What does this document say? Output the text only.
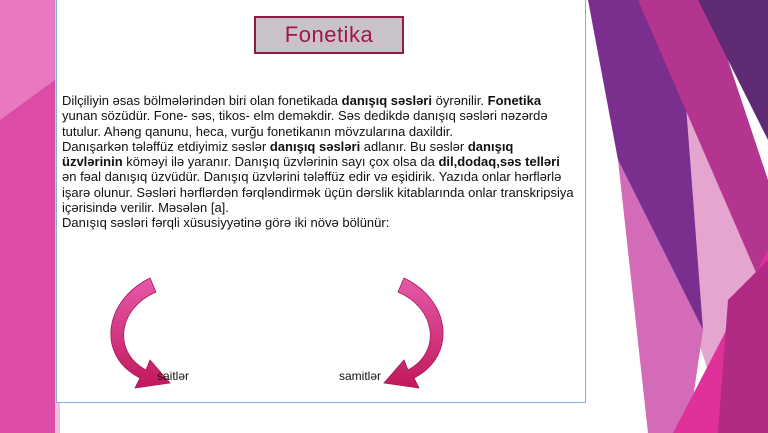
Fonetika

Dilçiliyin əsas bölmələrindən biri olan fonetikada danışıq səsləri öyrənilir. Fonetika yunan sözüdür. Fone- səs, tikos- elm deməkdir. Səs dedikdə danışıq səsləri nəzərdə tutulur. Ahəng qanunu, heca, vurğu fonetikanın mövzularına daxildir.

Danışarkən tələffüz etdiyimiz səslər danışıq səsləri adlanır. Bu səslər danışıq üzvlərinin köməyi ilə yaranır. Danışıq üzvlərinin sayı çox olsa da dil,dodaq,səs telləri ən fəal danışıq üzvüdür. Danışıq üzvlərini tələffüz edir və eşidirik. Yazıda onlar hərflərlə işarə olunur. Səsləri hərflərdən fərqləndirmək üçün dərslik kitablarında onlar transkripsiya içərisində verilir. Məsələn [a].

Danışıq səsləri fərqli xüsusiyyətinə görə iki növə bölünür:

saitlər	samitlər
